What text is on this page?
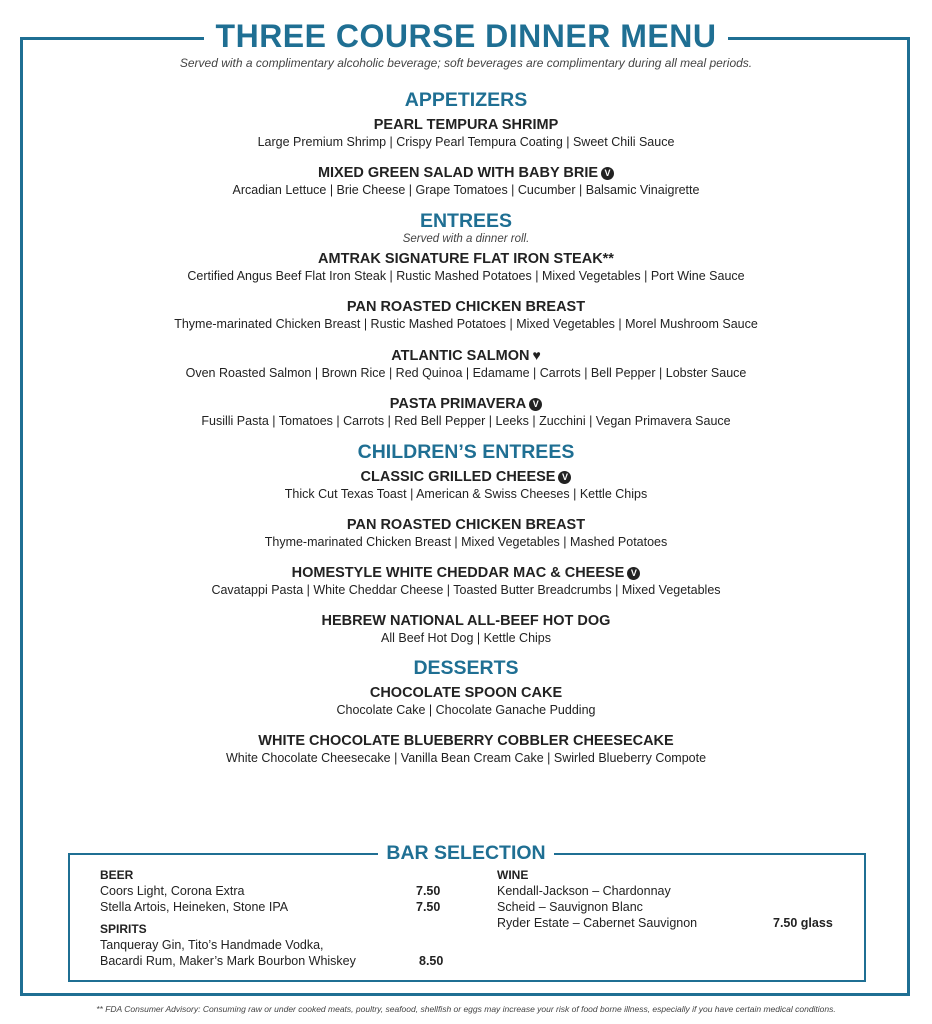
THREE COURSE DINNER MENU
Served with a complimentary alcoholic beverage; soft beverages are complimentary during all meal periods.
APPETIZERS
PEARL TEMPURA SHRIMP
Large Premium Shrimp | Crispy Pearl Tempura Coating | Sweet Chili Sauce
MIXED GREEN SALAD WITH BABY BRIE V
Arcadian Lettuce | Brie Cheese | Grape Tomatoes | Cucumber | Balsamic Vinaigrette
ENTREES
Served with a dinner roll.
AMTRAK SIGNATURE FLAT IRON STEAK**
Certified Angus Beef Flat Iron Steak | Rustic Mashed Potatoes | Mixed Vegetables | Port Wine Sauce
PAN ROASTED CHICKEN BREAST
Thyme-marinated Chicken Breast | Rustic Mashed Potatoes | Mixed Vegetables | Morel Mushroom Sauce
ATLANTIC SALMON ♥
Oven Roasted Salmon | Brown Rice | Red Quinoa | Edamame | Carrots | Bell Pepper | Lobster Sauce
PASTA PRIMAVERA V
Fusilli Pasta | Tomatoes | Carrots | Red Bell Pepper | Leeks | Zucchini | Vegan Primavera Sauce
CHILDREN’S ENTREES
CLASSIC GRILLED CHEESE V
Thick Cut Texas Toast | American & Swiss Cheeses | Kettle Chips
PAN ROASTED CHICKEN BREAST
Thyme-marinated Chicken Breast | Mixed Vegetables | Mashed Potatoes
HOMESTYLE WHITE CHEDDAR MAC & CHEESE V
Cavatappi Pasta | White Cheddar Cheese | Toasted Butter Breadcrumbs | Mixed Vegetables
HEBREW NATIONAL ALL-BEEF HOT DOG
All Beef Hot Dog | Kettle Chips
DESSERTS
CHOCOLATE SPOON CAKE
Chocolate Cake | Chocolate Ganache Pudding
WHITE CHOCOLATE BLUEBERRY COBBLER CHEESECAKE
White Chocolate Cheesecake | Vanilla Bean Cream Cake | Swirled Blueberry Compote
BAR SELECTION
BEER
Coors Light, Corona Extra	7.50
Stella Artois, Heineken, Stone IPA	7.50
SPIRITS
Tanqueray Gin, Tito’s Handmade Vodka,
Bacardi Rum, Maker’s Mark Bourbon Whiskey	8.50
WINE
Kendall-Jackson – Chardonnay
Scheid – Sauvignon Blanc
Ryder Estate – Cabernet Sauvignon	7.50 glass
** FDA Consumer Advisory: Consuming raw or under cooked meats, poultry, seafood, shellfish or eggs may increase your risk of food borne illness, especially if you have certain medical conditions.
